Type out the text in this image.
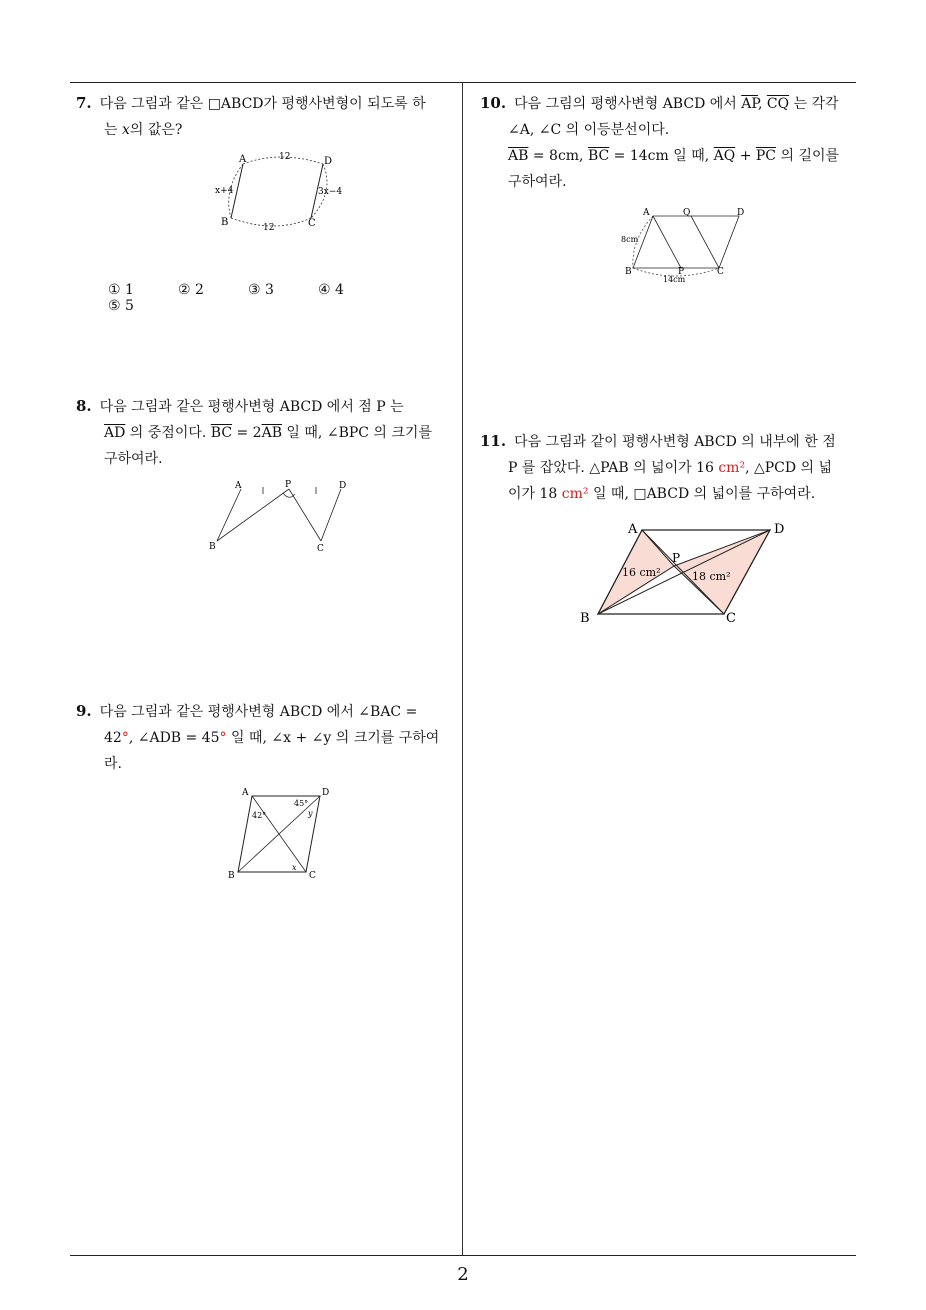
2
7. 다음 그림과 같은 □ABCD가 평행사변형이 되도록 하
는 x의 값은?
A	D
B	C
12
12
x+4	3x−4
① 1	② 2	③ 3	④ 4⑤ 5
8. 다음 그림과 같은 평행사변형 ABCD 에서 점 P 는
$\overline{AD}$ 의 중점이다. $\overline{BC} = 2\overline{AB}$ 일 때, ∠BPC 의 크기를
구하여라.
A	P	D
B	C
9. 다음 그림과 같은 평행사변형 ABCD 에서 ∠BAC =
42°, ∠ADB = 45° 일 때, ∠x + ∠y 의 크기를 구하여
라.
A	D
B	C
42°
45°
y
x
10. 다음 그림의 평행사변형 ABCD 에서 $\overline{AP}$, $\overline{CQ}$ 는 각각
∠A, ∠C 의 이등분선이다.
$\overline{AB} = 8cm$, $\overline{BC} = 14cm$ 일 때, $\overline{AQ} + \overline{PC}$ 의 길이를
구하여라.
A	Q	D
B	P	C
8cm
14cm
11. 다음 그림과 같이 평행사변형 ABCD 의 내부에 한 점
P 를 잡았다. △PAB 의 넓이가 16 cm², △PCD 의 넓
이가 18 cm² 일 때, □ABCD 의 넓이를 구하여라.
A	D
B	C
P
16 cm²	18 cm²
